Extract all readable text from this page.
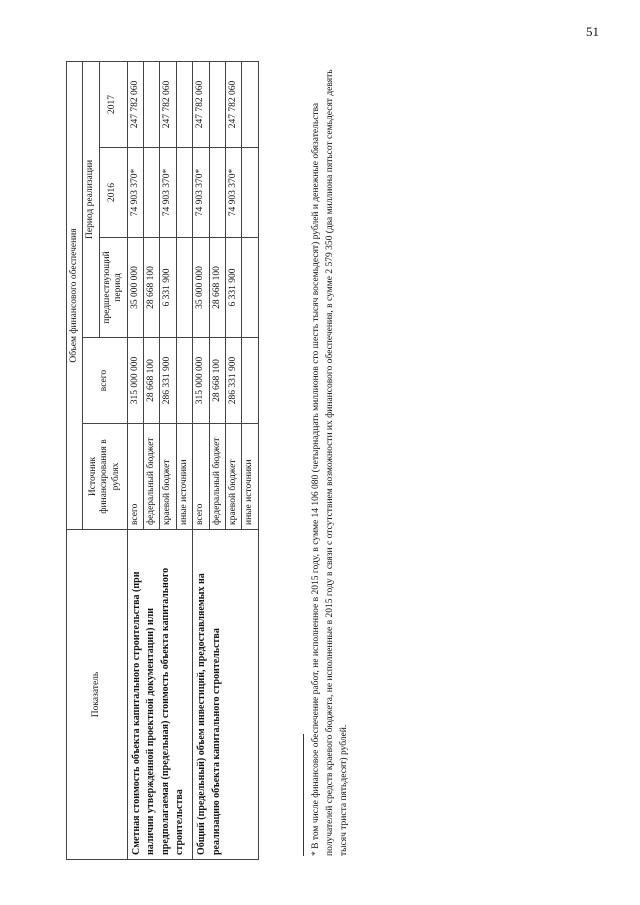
51
Показатель	Объем финансового обеспечения				
	Источник финансирования в рублях	всего	Период реализации		
			предшествующий период	2016	2017
Сметная стоимость объекта капитального строительства (при наличии утвержденной проектной документации) или предполагаемая (предельная) стоимость объекта капитального строительства	всего	315 000 000	35 000 000	74 903 370*	247 782 060
	федеральный бюджет	28 668 100	28 668 100		
	краевой бюджет	286 331 900	6 331 900	74 903 370*	247 782 060
	иные источники				
Общий (предельный) объем инвестиций, предоставляемых на реализацию объекта капитального строительства	всего	315 000 000	35 000 000	74 903 370*	247 782 060
	федеральный бюджет	28 668 100	28 668 100		
	краевой бюджет	286 331 900	6 331 900	74 903 370*	247 782 060
	иные источники					* В том числе финансовое обеспечение работ, не исполненное в 2015 году, в сумме 14 106 080 (четырнадцать миллионов сто шесть тысяч восемьдесят) рублей и денежные обязательства получателей средств краевого бюджета, не исполненные в 2015 году в связи с отсутствием возможности их финансового обеспечения, в сумме 2 579 350 (два миллиона пятьсот семьдесят девять тысяч триста пятьдесят) рублей.
